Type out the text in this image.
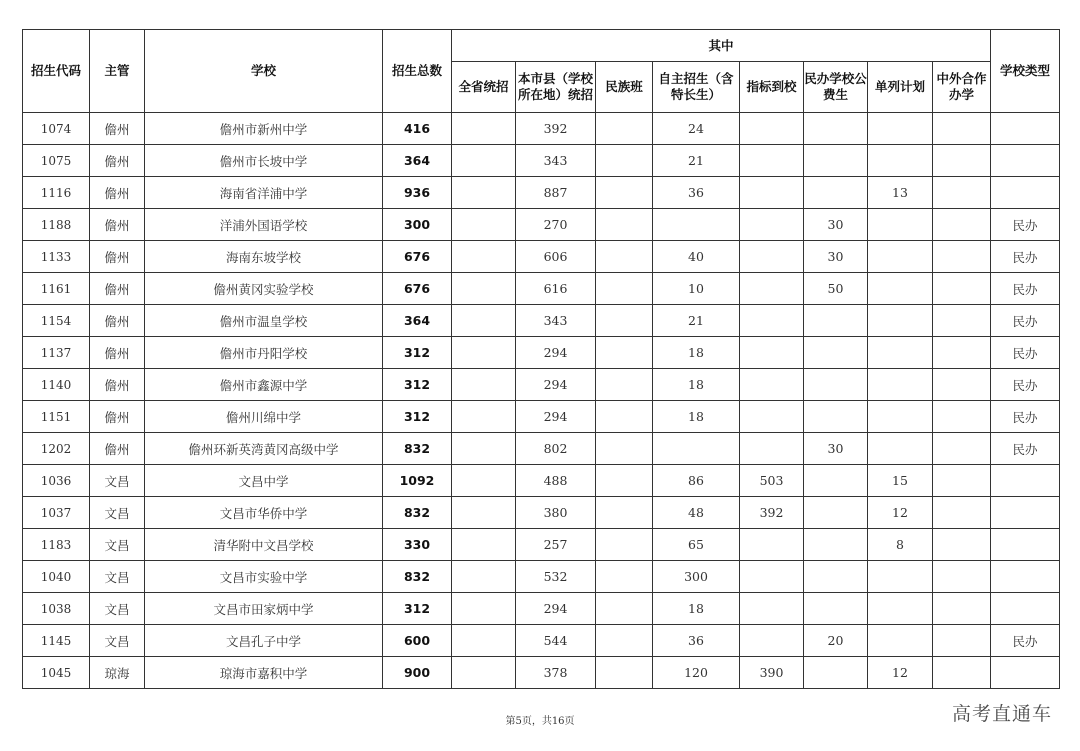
招生代码	主管	学校	招生总数	其中								学校类型
				全省统招	本市县（学校所在地）统招	民族班	自主招生（含特长生）	指标到校	民办学校公费生	单列计划	中外合作办学	
1074	儋州	儋州市新州中学	416		392		24					
1075	儋州	儋州市长坡中学	364		343		21					
1116	儋州	海南省洋浦中学	936		887		36			13		
1188	儋州	洋浦外国语学校	300		270				30			民办
1133	儋州	海南东坡学校	676		606		40		30			民办
1161	儋州	儋州黄冈实验学校	676		616		10		50			民办
1154	儋州	儋州市温皇学校	364		343		21					民办
1137	儋州	儋州市丹阳学校	312		294		18					民办
1140	儋州	儋州市鑫源中学	312		294		18					民办
1151	儋州	儋州川绵中学	312		294		18					民办
1202	儋州	儋州环新英湾黄冈高级中学	832		802				30			民办
1036	文昌	文昌中学	1092		488		86	503		15		
1037	文昌	文昌市华侨中学	832		380		48	392		12		
1183	文昌	清华附中文昌学校	330		257		65			8		
1040	文昌	文昌市实验中学	832		532		300					
1038	文昌	文昌市田家炳中学	312		294		18					
1145	文昌	文昌孔子中学	600		544		36		20			民办
1045	琼海	琼海市嘉积中学	900		378		120	390		12		
第5页，共16页	高考直通车
